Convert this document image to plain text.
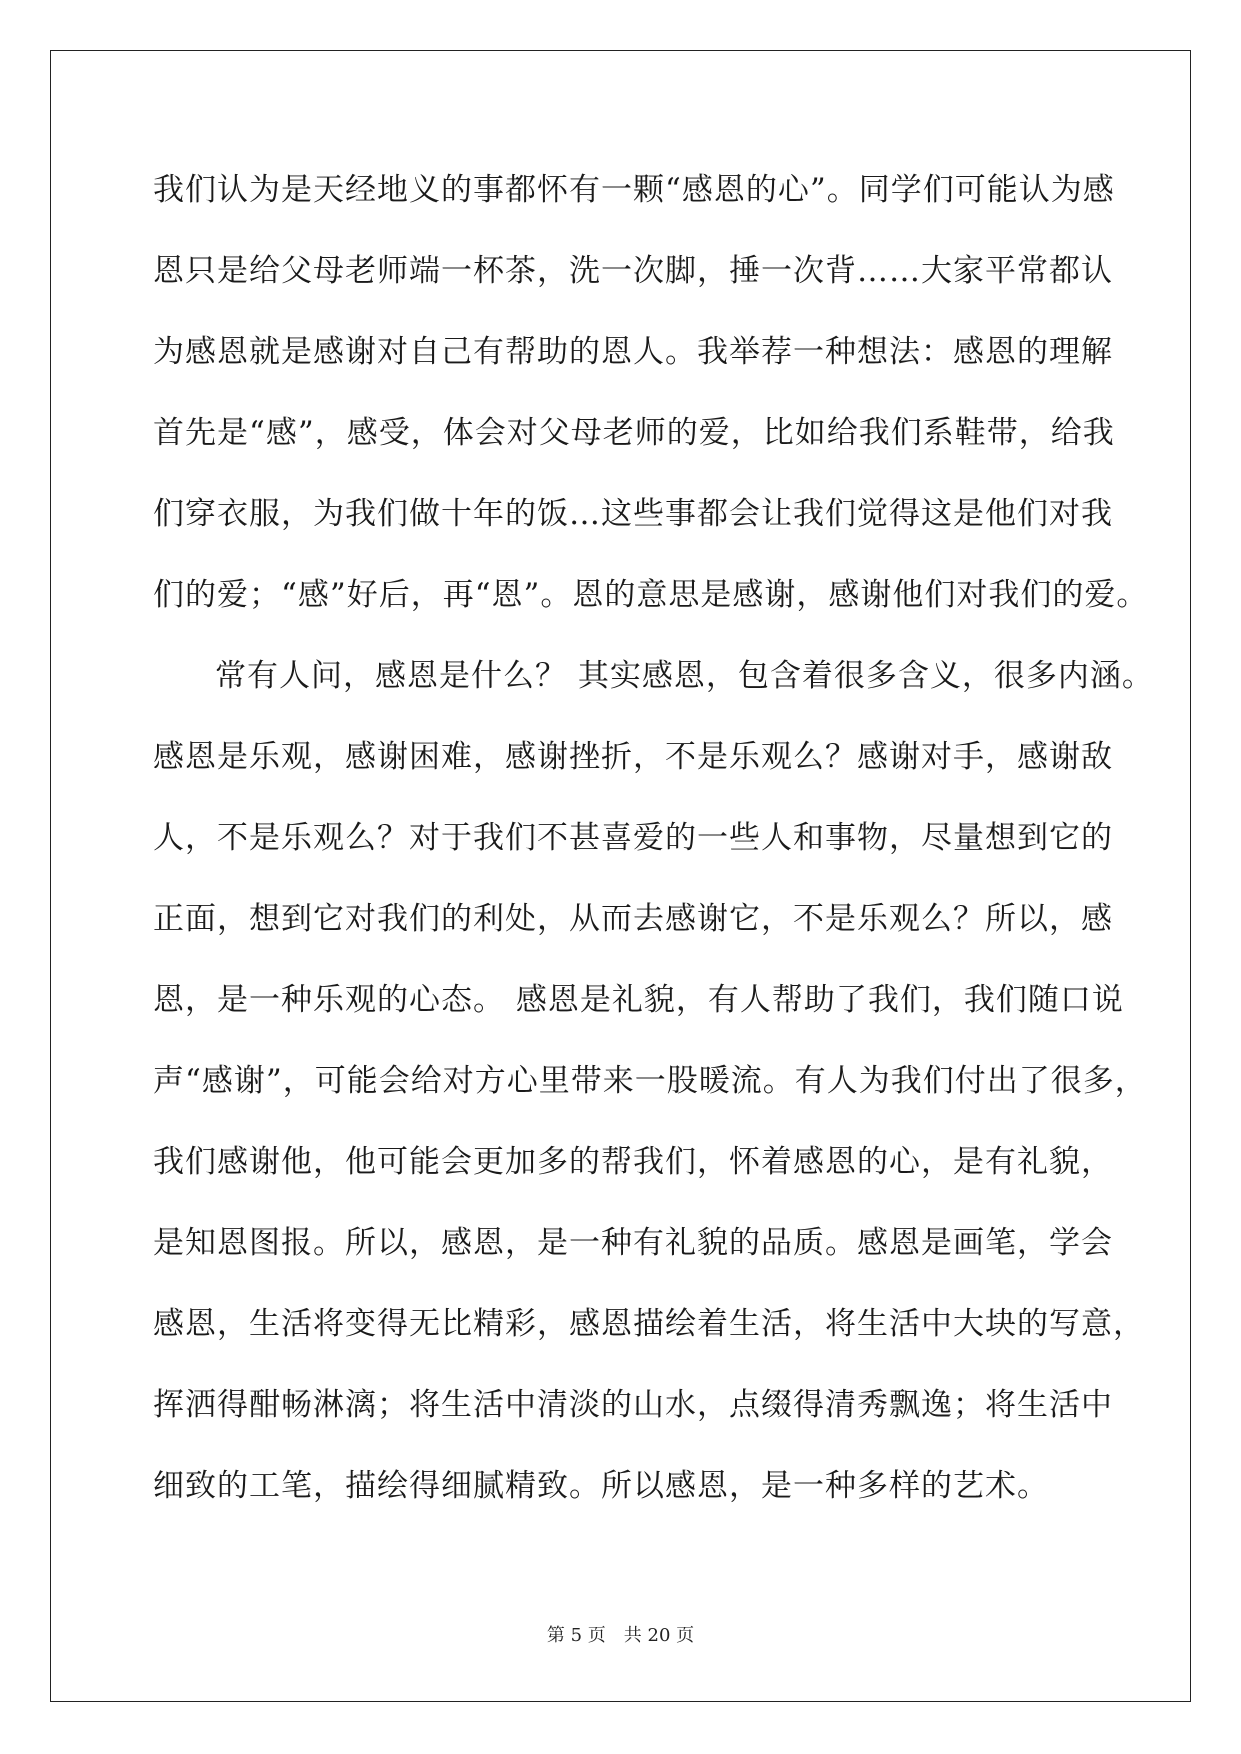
我们认为是天经地义的事都怀有一颗“感恩的心”。同学们可能认为感
恩只是给父母老师端一杯茶，洗一次脚，捶一次背……大家平常都认
为感恩就是感谢对自己有帮助的恩人。我举荐一种想法：感恩的理解
首先是“感”，感受，体会对父母老师的爱，比如给我们系鞋带，给我
们穿衣服，为我们做十年的饭…这些事都会让我们觉得这是他们对我
们的爱；“感”好后，再“恩”。恩的意思是感谢，感谢他们对我们的爱。
常有人问，感恩是什么？ 其实感恩，包含着很多含义，很多内涵。
感恩是乐观，感谢困难，感谢挫折，不是乐观么？感谢对手，感谢敌
人，不是乐观么？对于我们不甚喜爱的一些人和事物，尽量想到它的
正面，想到它对我们的利处，从而去感谢它，不是乐观么？所以，感
恩，是一种乐观的心态。 感恩是礼貌，有人帮助了我们，我们随口说
声“感谢”，可能会给对方心里带来一股暖流。有人为我们付出了很多，
我们感谢他，他可能会更加多的帮我们，怀着感恩的心，是有礼貌，
是知恩图报。所以，感恩，是一种有礼貌的品质。感恩是画笔，学会
感恩，生活将变得无比精彩，感恩描绘着生活，将生活中大块的写意，
挥洒得酣畅淋漓；将生活中清淡的山水，点缀得清秀飘逸；将生活中
细致的工笔，描绘得细腻精致。所以感恩，是一种多样的艺术。
第 5 页 共 20 页
